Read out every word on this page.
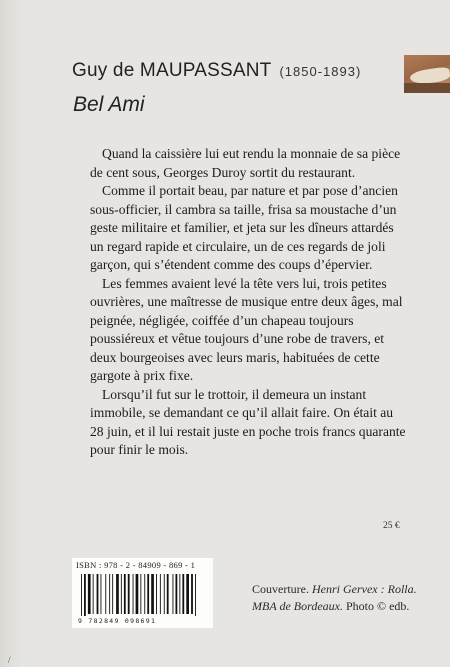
Guy de MAUPASSANT (1850-1893)
Bel Ami

Quand la caissière lui eut rendu la monnaie de sa pièce de cent sous, Georges Duroy sortit du restaurant.

Comme il portait beau, par nature et par pose d’ancien sous-officier, il cambra sa taille, frisa sa moustache d’un geste militaire et familier, et jeta sur les dîneurs attardés un regard rapide et circulaire, un de ces regards de joli garçon, qui s’étendent comme des coups d’épervier.

Les femmes avaient levé la tête vers lui, trois petites ouvrières, une maîtresse de musique entre deux âges, mal peignée, négligée, coiffée d’un chapeau toujours poussiéreux et vêtue toujours d’une robe de travers, et deux bourgeoises avec leurs maris, habituées de cette gargote à prix fixe.

Lorsqu’il fut sur le trottoir, il demeura un instant immobile, se demandant ce qu’il allait faire. On était au 28 juin, et il lui restait juste en poche trois francs quarante pour finir le mois.

25 €
ISBN : 978 - 2 - 84909 - 869 - 1
9 782849 098691
Couverture. Henri Gervex : Rolla.
MBA de Bordeaux. Photo © edb.
/
